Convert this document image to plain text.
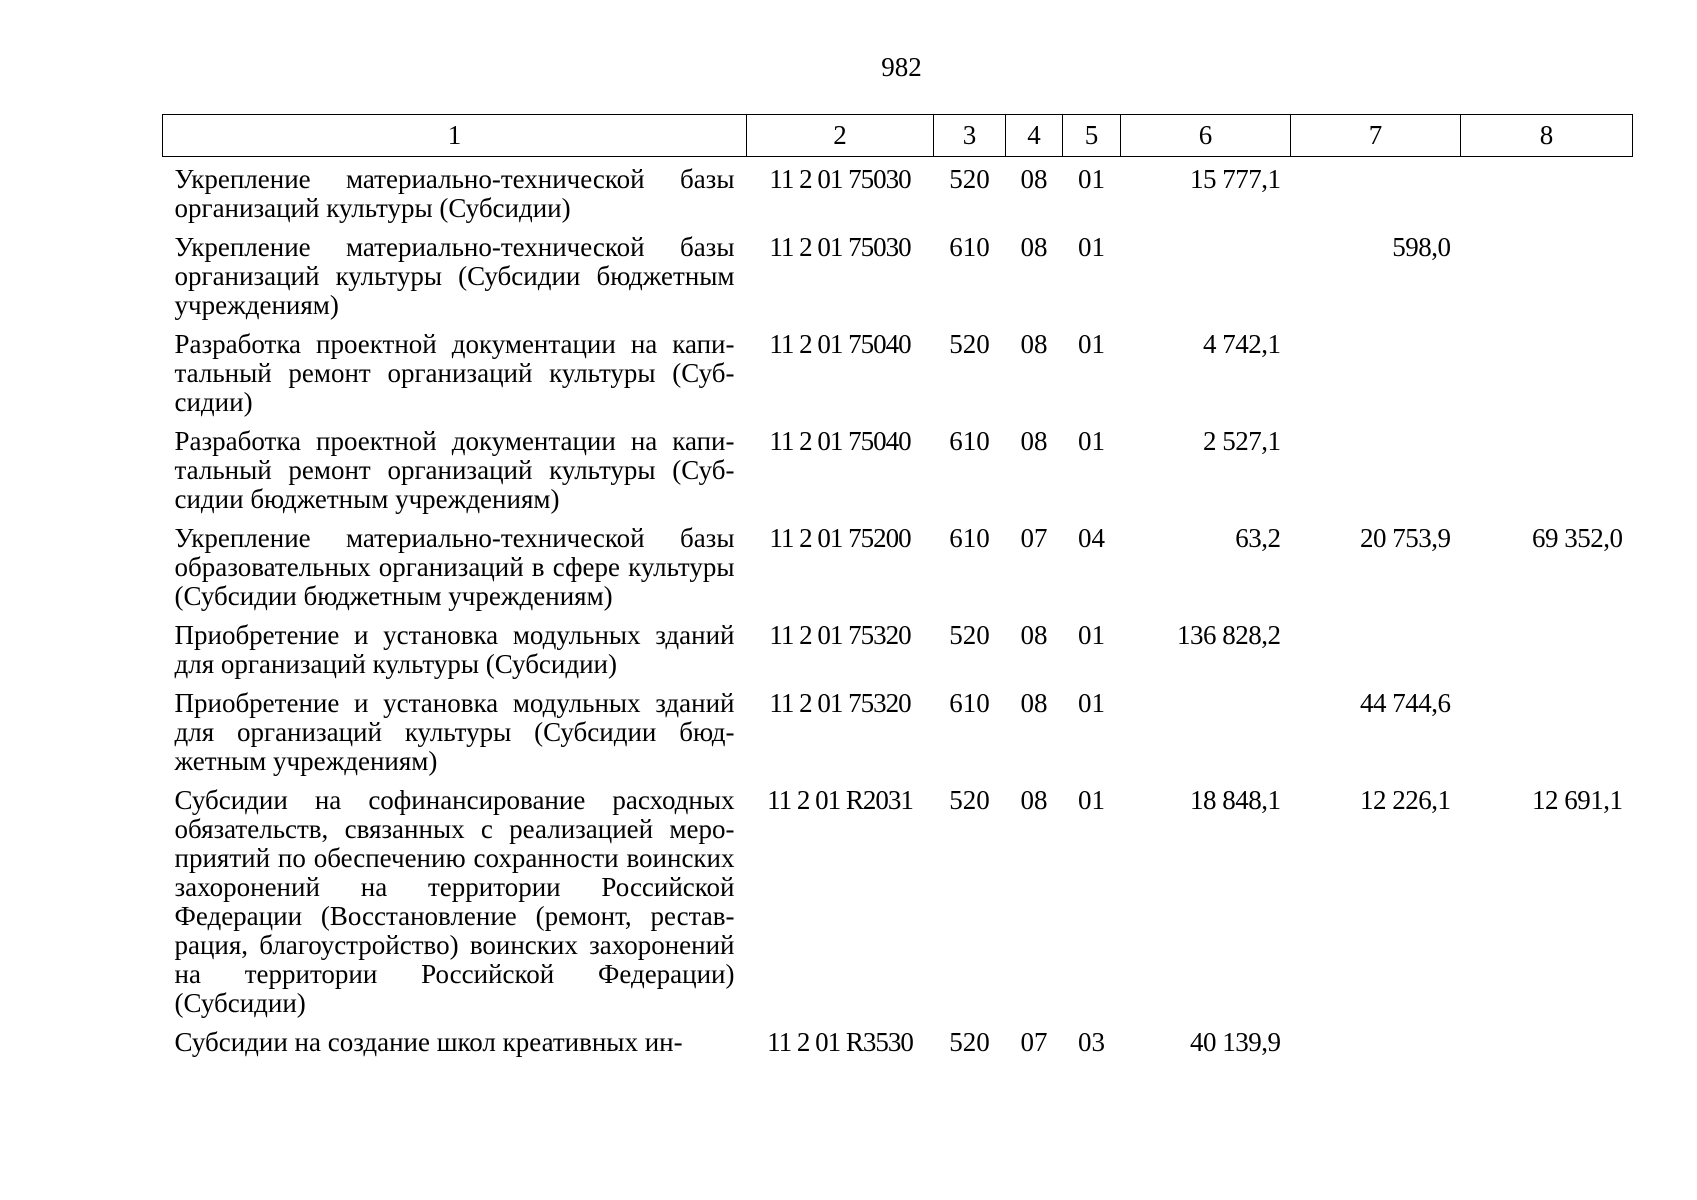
982
1	2	3	4	5	6	7	8
Укрепление материально-технической базы организаций культуры (Субсидии)	11 2 01 75030	520	08	01	15 777,1		
Укрепление материально-технической базы организаций культуры (Субсидии бюджетным учреждениям)	11 2 01 75030	610	08	01		598,0	
Разработка проектной документации на капитальный ремонт организаций культуры (Субсидии)	11 2 01 75040	520	08	01	4 742,1		
Разработка проектной документации на капитальный ремонт организаций культуры (Субсидии бюджетным учреждениям)	11 2 01 75040	610	08	01	2 527,1		
Укрепление материально-технической базы образовательных организаций в сфере культуры (Субсидии бюджетным учреждениям)	11 2 01 75200	610	07	04	63,2	20 753,9	69 352,0
Приобретение и установка модульных зданий для организаций культуры (Субсидии)	11 2 01 75320	520	08	01	136 828,2		
Приобретение и установка модульных зданий для организаций культуры (Субсидии бюджетным учреждениям)	11 2 01 75320	610	08	01		44 744,6	
Субсидии на софинансирование расходных обязательств, связанных с реализацией мероприятий по обеспечению сохранности воинских захоронений на территории Российской Федерации (Восстановление (ремонт, реставрация, благоустройство) воинских захоронений на территории Российской Федерации) (Субсидии)	11 2 01 R2031	520	08	01	18 848,1	12 226,1	12 691,1
Субсидии на создание школ креативных ин-	11 2 01 R3530	520	07	03	40 139,9		
